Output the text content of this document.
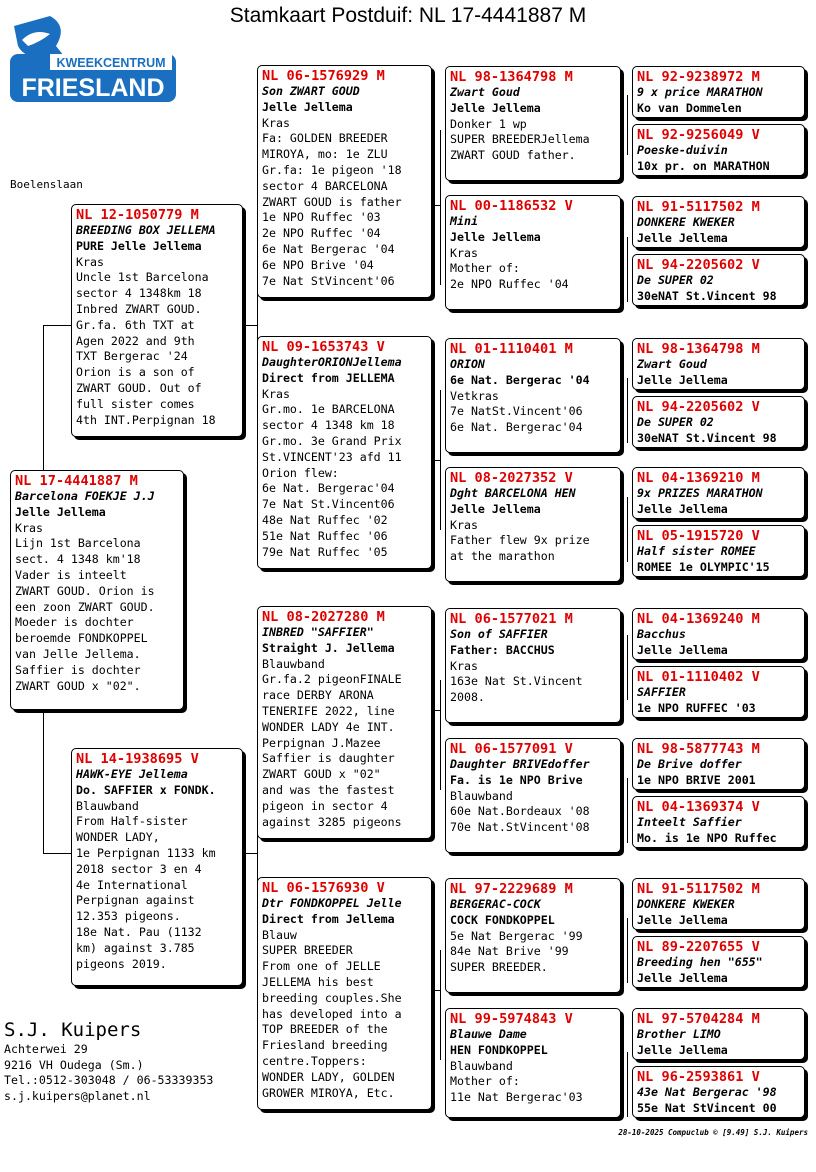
Stamkaart Postduif: NL 17-4441887 M
KWEEKCENTRUM
FRIESLAND
Boelenslaan
NL 17-4441887 M
Barcelona FOEKJE J.J
Jelle Jellema
Kras
Lijn 1st Barcelona
sect. 4 1348 km'18
Vader is inteelt
ZWART GOUD. Orion is
een zoon ZWART GOUD.
Moeder is dochter
beroemde FONDKOPPEL
van Jelle Jellema.
Saffier is dochter
ZWART GOUD x "02".
NL 12-1050779 M
BREEDING BOX JELLEMA
PURE Jelle Jellema
Kras
Uncle 1st Barcelona
sector 4 1348km 18
Inbred ZWART GOUD.
Gr.fa. 6th TXT at
Agen 2022 and 9th
TXT Bergerac '24
Orion is a son of
ZWART GOUD. Out of
full sister comes
4th INT.Perpignan 18
NL 14-1938695 V
HAWK-EYE Jellema
Do. SAFFIER x FONDK.
Blauwband
From Half-sister
WONDER LADY,
1e Perpignan 1133 km
2018 sector 3 en 4
4e International
Perpignan against
12.353 pigeons.
18e Nat. Pau (1132
km) against 3.785
pigeons 2019.
NL 06-1576929 M
Son ZWART GOUD
Jelle Jellema
Kras
Fa: GOLDEN BREEDER
MIROYA, mo: 1e ZLU
Gr.fa: 1e pigeon '18
sector 4 BARCELONA
ZWART GOUD is father
1e NPO Ruffec '03
2e NPO Ruffec '04
6e Nat Bergerac '04
6e NPO Brive '04
7e Nat StVincent'06
NL 09-1653743 V
DaughterORIONJellema
Direct from JELLEMA
Kras
Gr.mo. 1e BARCELONA
sector 4 1348 km 18
Gr.mo. 3e Grand Prix
St.VINCENT'23 afd 11
Orion flew:
6e Nat. Bergerac'04
7e Nat St.Vincent06
48e Nat Ruffec '02
51e Nat Ruffec '06
79e Nat Ruffec '05
NL 08-2027280 M
INBRED "SAFFIER"
Straight J. Jellema
Blauwband
Gr.fa.2 pigeonFINALE
race DERBY ARONA
TENERIFE 2022, line
WONDER LADY 4e INT.
Perpignan J.Mazee
Saffier is daughter
ZWART GOUD x "02"
and was the fastest
pigeon in sector 4
against 3285 pigeons
NL 06-1576930 V
Dtr FONDKOPPEL Jelle
Direct from Jellema
Blauw
SUPER BREEDER
From one of JELLE
JELLEMA his best
breeding couples.She
has developed into a
TOP BREEDER of the
Friesland breeding
centre.Toppers:
WONDER LADY, GOLDEN
GROWER MIROYA, Etc.
NL 98-1364798 M
Zwart Goud
Jelle Jellema
Donker 1 wp
SUPER BREEDERJellema
ZWART GOUD father.
NL 00-1186532 V
Mini
Jelle Jellema
Kras
Mother of:
2e NPO Ruffec '04
NL 01-1110401 M
ORION
6e Nat. Bergerac '04
Vetkras
7e NatSt.Vincent'06
6e Nat. Bergerac'04
NL 08-2027352 V
Dght BARCELONA HEN
Jelle Jellema
Kras
Father flew 9x prize
at the marathon
NL 06-1577021 M
Son of SAFFIER
Father: BACCHUS
Kras
163e Nat St.Vincent
2008.
NL 06-1577091 V
Daughter BRIVEdoffer
Fa. is 1e NPO Brive
Blauwband
60e Nat.Bordeaux '08
70e Nat.StVincent'08
NL 97-2229689 M
BERGERAC-COCK
COCK FONDKOPPEL
5e Nat Bergerac '99
84e Nat Brive '99
SUPER BREEDER.
NL 99-5974843 V
Blauwe Dame
HEN FONDKOPPEL
Blauwband
Mother of:
11e Nat Bergerac'03
NL 92-9238972 M
9 x price MARATHON
Ko van Dommelen
NL 92-9256049 V
Poeske-duivin
10x pr. on MARATHON
NL 91-5117502 M
DONKERE KWEKER
Jelle Jellema
NL 94-2205602 V
De SUPER 02
30eNAT St.Vincent 98
NL 98-1364798 M
Zwart Goud
Jelle Jellema
NL 94-2205602 V
De SUPER 02
30eNAT St.Vincent 98
NL 04-1369210 M
9x PRIZES MARATHON
Jelle Jellema
NL 05-1915720 V
Half sister ROMEE
ROMEE 1e OLYMPIC'15
NL 04-1369240 M
Bacchus
Jelle Jellema
NL 01-1110402 V
SAFFIER
1e NPO RUFFEC '03
NL 98-5877743 M
De Brive doffer
1e NPO BRIVE 2001
NL 04-1369374 V
Inteelt Saffier
Mo. is 1e NPO Ruffec
NL 91-5117502 M
DONKERE KWEKER
Jelle Jellema
NL 89-2207655 V
Breeding hen "655"
Jelle Jellema
NL 97-5704284 M
Brother LIMO
Jelle Jellema
NL 96-2593861 V
43e Nat Bergerac '98
55e Nat StVincent 00
S.J. Kuipers
Achterwei 29
9216 VH Oudega (Sm.)
Tel.:0512-303048 / 06-53339353
s.j.kuipers@planet.nl
28-10-2025 Compuclub © [9.49] S.J. Kuipers
